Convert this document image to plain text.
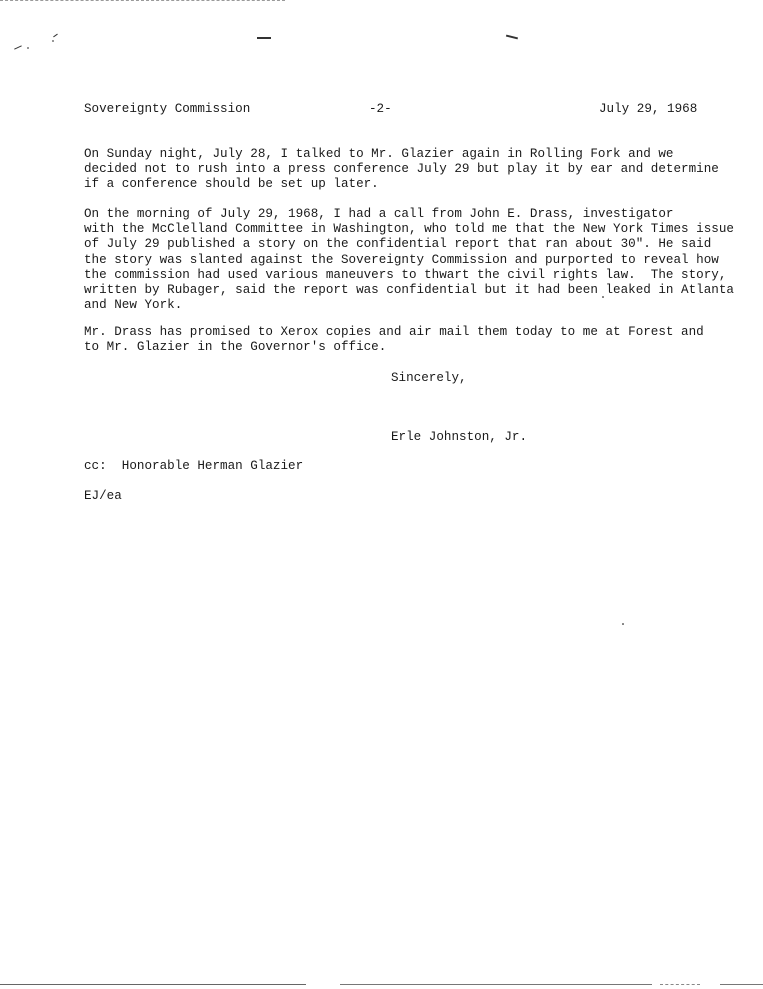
Sovereignty Commission	-2-	July 29, 1968
On Sunday night, July 28, I talked to Mr. Glazier again in Rolling Fork and we
decided not to rush into a press conference July 29 but play it by ear and determine
if a conference should be set up later.
On the morning of July 29, 1968, I had a call from John E. Drass, investigator
with the McClelland Committee in Washington, who told me that the New York Times issue
of July 29 published a story on the confidential report that ran about 30". He said
the story was slanted against the Sovereignty Commission and purported to reveal how
the commission had used various maneuvers to thwart the civil rights law.  The story,
written by Rubager, said the report was confidential but it had been leaked in Atlanta
and New York.
Mr. Drass has promised to Xerox copies and air mail them today to me at Forest and
to Mr. Glazier in the Governor's office.
Sincerely,
Erle Johnston, Jr.
cc:  Honorable Herman Glazier
EJ/ea
